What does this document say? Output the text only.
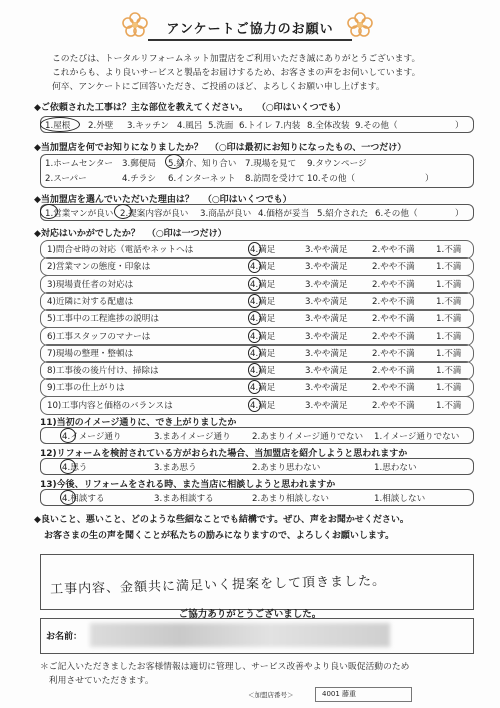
アンケートご協力のお願い
このたびは、トータルリフォームネット加盟店をご利用いただき誠にありがとうございます。
これからも、より良いサービスと製品をお届けするため、お客さまの声をお伺いしています。
何卒、アンケートにご回答いただき、ご投函のほど、よろしくお願い申し上げます。
◆ご依頼された工事は？主な部位を教えてください。 （○印はいくつでも）
1.屋根 2.外壁 3.キッチン 4.風呂 5.洗面 6.トイレ 7.内装 8.全体改装 9.その他（	）
◆当加盟店を何でお知りになりましたか？ （○印は最初にお知りになったもの、一つだけ）
1.ホームセンター 3.郵便局 5.紹介、知り合い 7.現場を見て 9.タウンページ
2.スーパー	4.チラシ 6.インターネット 8.訪問を受けて 10.その他（	）
◆当加盟店を選んでいただいた理由は？ （○印はいくつでも）
1.営業マンが良い 2.提案内容が良い 3.商品が良い 4.価格が妥当 5.紹介された 6.その他（	）
◆対応はいかがでしたか？ （○印は一つだけ）
1)問合せ時の対応（電話やネットへは	4.満足	3.やや満足	2.やや不満 1.不満
2)営業マンの態度・印象は	4.満足	3.やや満足	2.やや不満 1.不満
3)現場責任者の対応は	4.満足	3.やや満足	2.やや不満 1.不満
4)近隣に対する配慮は	4.満足	3.やや満足	2.やや不満 1.不満
5)工事中の工程進捗の説明は	4.満足	3.やや満足	2.やや不満 1.不満
6)工事スタッフのマナーは	4.満足	3.やや満足	2.やや不満 1.不満
7)現場の整理・整頓は	4.満足	3.やや満足	2.やや不満 1.不満
8)工事後の後片付け、掃除は	4.満足	3.やや満足	2.やや不満 1.不満
9)工事の仕上がりは	4.満足	3.やや満足	2.やや不満 1.不満
10)工事内容と価格のバランスは	4.満足	3.やや満足	2.やや不満 1.不満
11)当初のイメージ通りに、でき上がりましたか
4.イメージ通り	3.まあイメージ通り 2.あまりイメージ通りでない 1.イメージ通りでない
12)リフォームを検討されている方がおられた場合、当加盟店を紹介しようと思われますか
4.思う	3.まあ思う	2.あまり思わない	1.思わない
13)今後、リフォームをされる時、また当店に相談しようと思われますか
4.相談する	3.まあ相談する	2.あまり相談しない	1.相談しない
◆良いこと、悪いこと、どのような些細なことでも結構です。ぜひ、声をお聞かせください。
お客さまの生の声を聞くことが私たちの励みになりますので、よろしくお願いします。
工事内容、金額共に満足いく提案をして頂きました。
ご協力ありがとうございました。
お名前：
＊ご記入いただきましたお客様情報は適切に管理し、サービス改善やより良い販促活動のため
　利用させていただきます。
＜加盟店番号＞	4001 藤重
